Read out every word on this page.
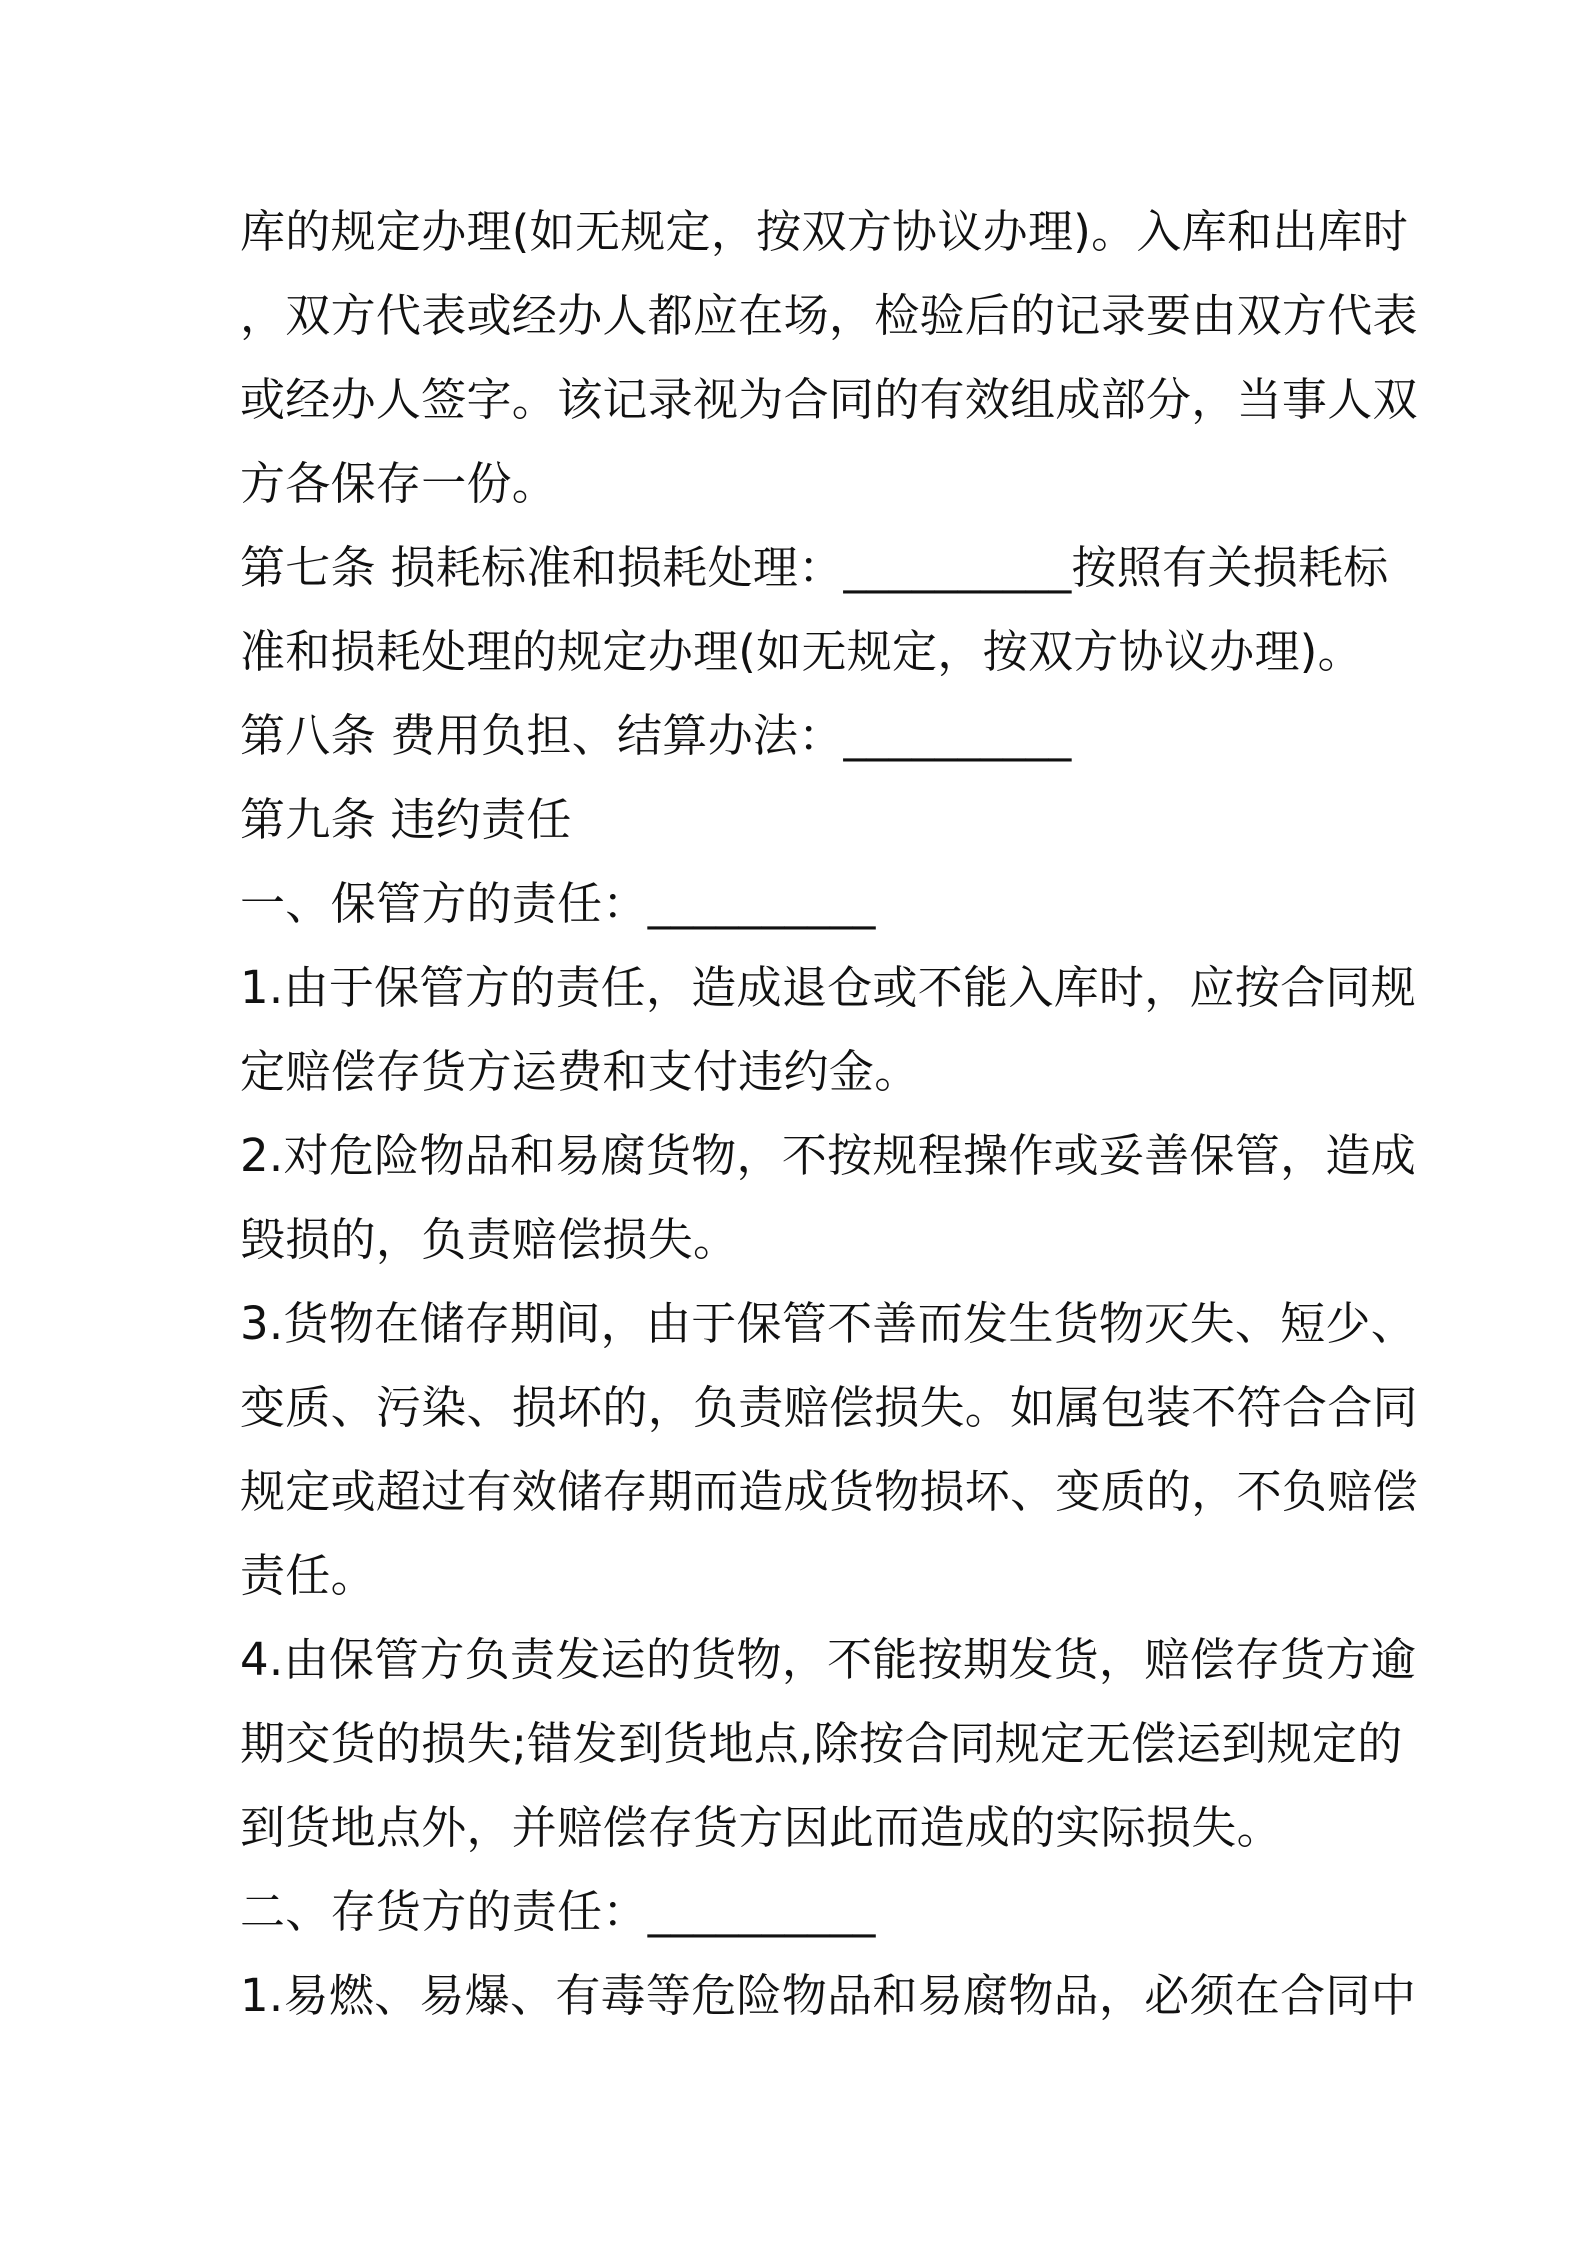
库的规定办理(如无规定，按双方协议办理)。入库和出库时
，双方代表或经办人都应在场，检验后的记录要由双方代表
或经办人签字。该记录视为合同的有效组成部分，当事人双
方各保存一份。
第七条 损耗标准和损耗处理：__________按照有关损耗标
准和损耗处理的规定办理(如无规定，按双方协议办理)。
第八条 费用负担、结算办法：__________
第九条 违约责任
一、保管方的责任：__________
1.由于保管方的责任，造成退仓或不能入库时，应按合同规
定赔偿存货方运费和支付违约金。
2.对危险物品和易腐货物，不按规程操作或妥善保管，造成
毁损的，负责赔偿损失。
3.货物在储存期间，由于保管不善而发生货物灭失、短少、
变质、污染、损坏的，负责赔偿损失。如属包装不符合合同
规定或超过有效储存期而造成货物损坏、变质的，不负赔偿
责任。
4.由保管方负责发运的货物，不能按期发货，赔偿存货方逾
期交货的损失;错发到货地点,除按合同规定无偿运到规定的
到货地点外，并赔偿存货方因此而造成的实际损失。
二、存货方的责任：__________
1.易燃、易爆、有毒等危险物品和易腐物品，必须在合同中
